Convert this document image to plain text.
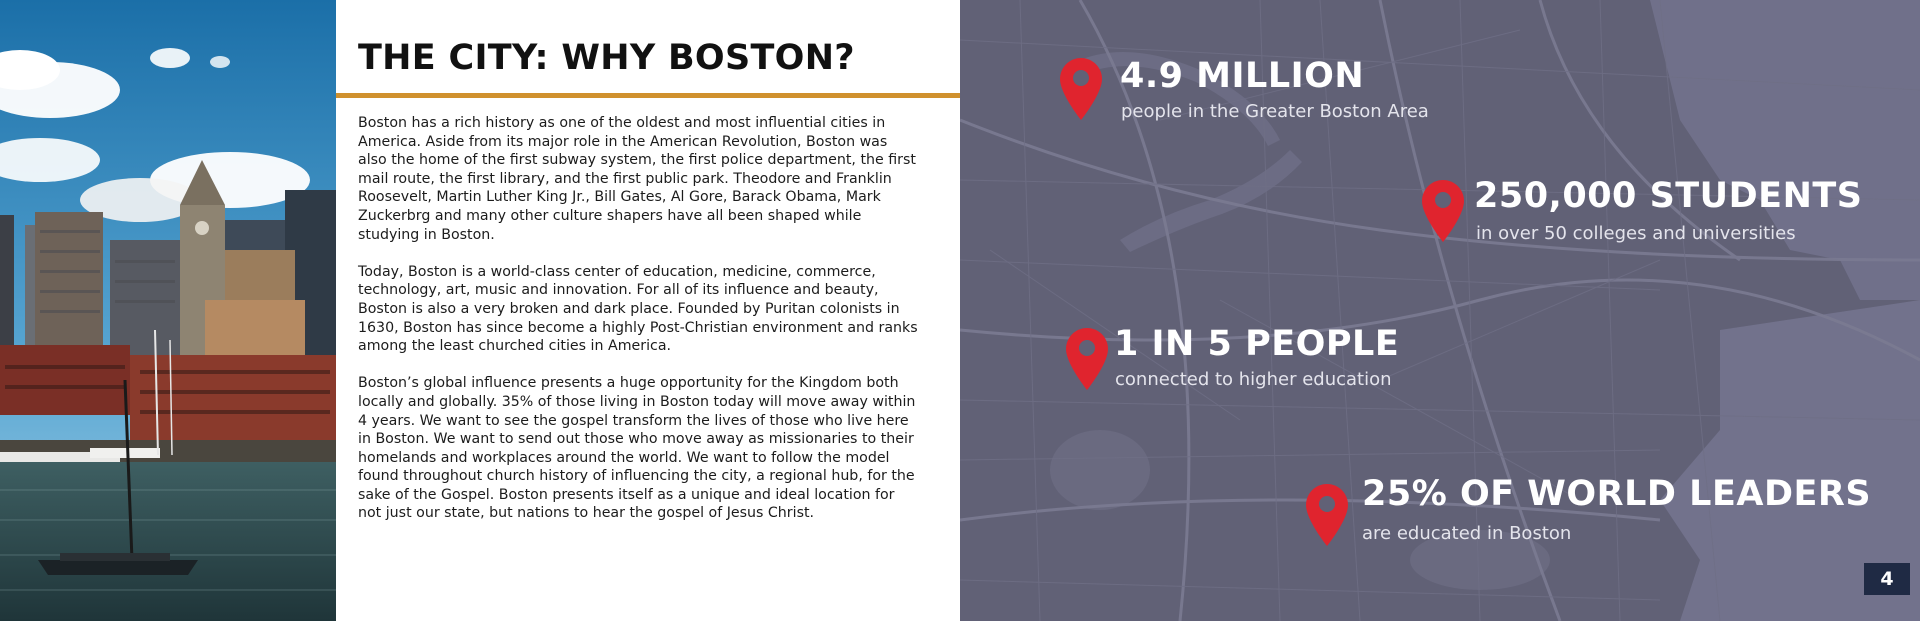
THE CITY: WHY BOSTON?

Boston has a rich history as one of the oldest and most influential cities in America. Aside from its major role in the American Revolution, Boston was also the home of the first subway system, the first police department, the first mail route, the first library, and the first public park. Theodore and Franklin Roosevelt, Martin Luther King Jr., Bill Gates, Al Gore, Barack Obama, Mark Zuckerbrg and many other culture shapers have all been shaped while studying in Boston.

Today, Boston is a world-class center of education, medicine, commerce, technology, art, music and innovation. For all of its influence and beauty, Boston is also a very broken and dark place. Founded by Puritan colonists in 1630, Boston has since become a highly Post-Christian environment and ranks among the least churched cities in America.

Boston’s global influence presents a huge opportunity for the Kingdom both locally and globally. 35% of those living in Boston today will move away within 4 years. We want to see the gospel transform the lives of those who live here in Boston. We want to send out those who move away as missionaries to their homelands and workplaces around the world. We want to follow the model found throughout church history of influencing the city, a regional hub, for the sake of the Gospel. Boston presents itself as a unique and ideal location for not just our state, but nations to hear the gospel of Jesus Christ.

4.9 MILLION
people in the Greater Boston Area
250,000 STUDENTS
in over 50 colleges and universities
1 IN 5 PEOPLE
connected to higher education
25% OF WORLD LEADERS
are educated in Boston
4
